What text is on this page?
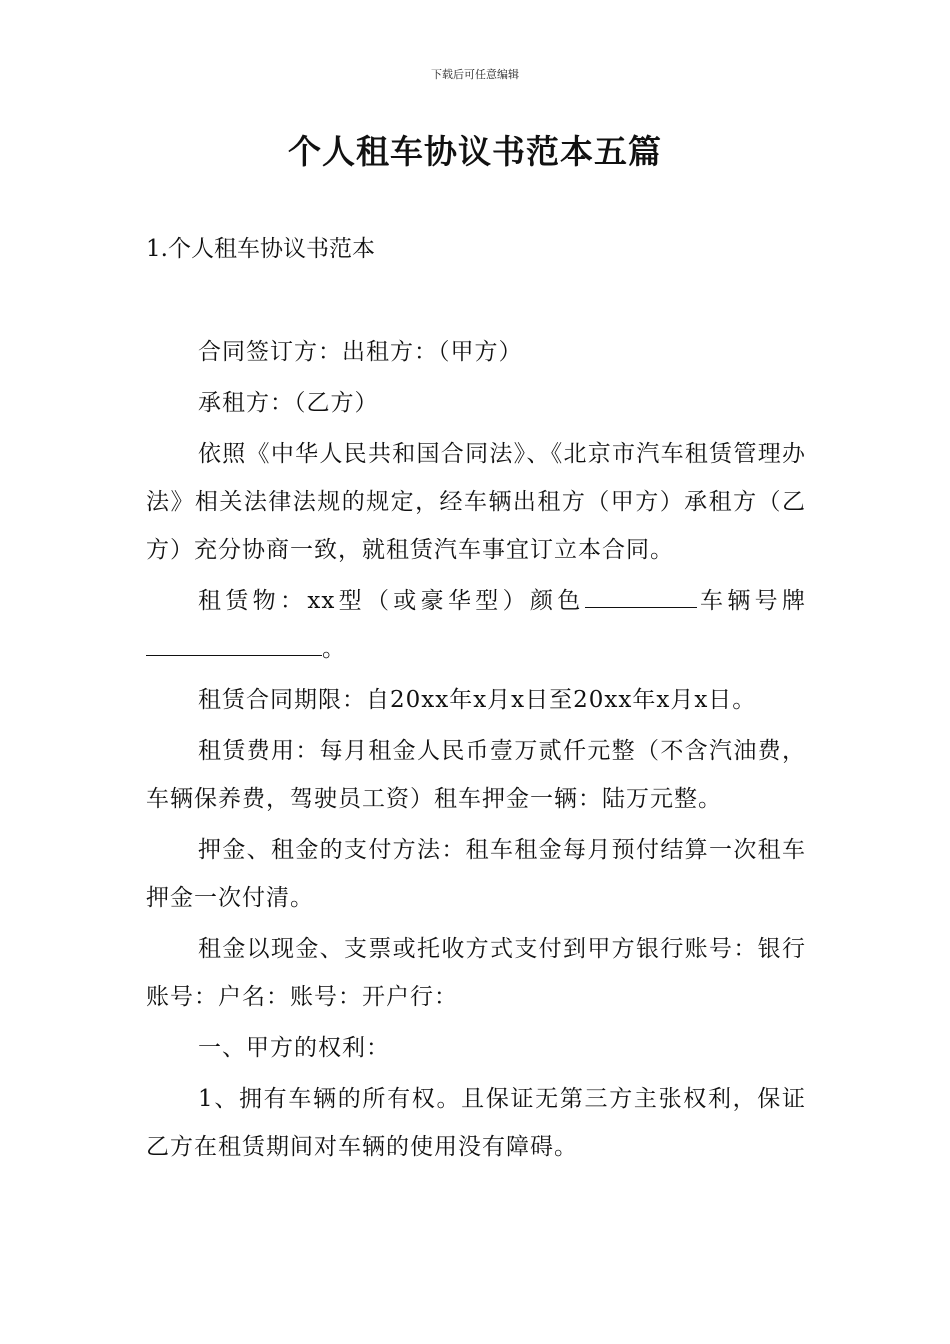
下载后可任意编辑
个人租车协议书范本五篇
1.个人租车协议书范本

合同签订方：出租方：（甲方）

承租方：（乙方）

依照《中华人民共和国合同法》、《北京市汽车租赁管理办法》相关法律法规的规定，经车辆出租方（甲方）承租方（乙方）充分协商一致，就租赁汽车事宜订立本合同。

租赁物：xx型（或豪华型）颜色	车辆号牌。

租赁合同期限：自20xx年x月x日至20xx年x月x日。

租赁费用：每月租金人民币壹万贰仟元整（不含汽油费，车辆保养费，驾驶员工资）租车押金一辆：陆万元整。

押金、租金的支付方法：租车租金每月预付结算一次租车押金一次付清。

租金以现金、支票或托收方式支付到甲方银行账号：银行账号：户名：账号：开户行：

一、甲方的权利：

1、拥有车辆的所有权。且保证无第三方主张权利，保证乙方在租赁期间对车辆的使用没有障碍。
